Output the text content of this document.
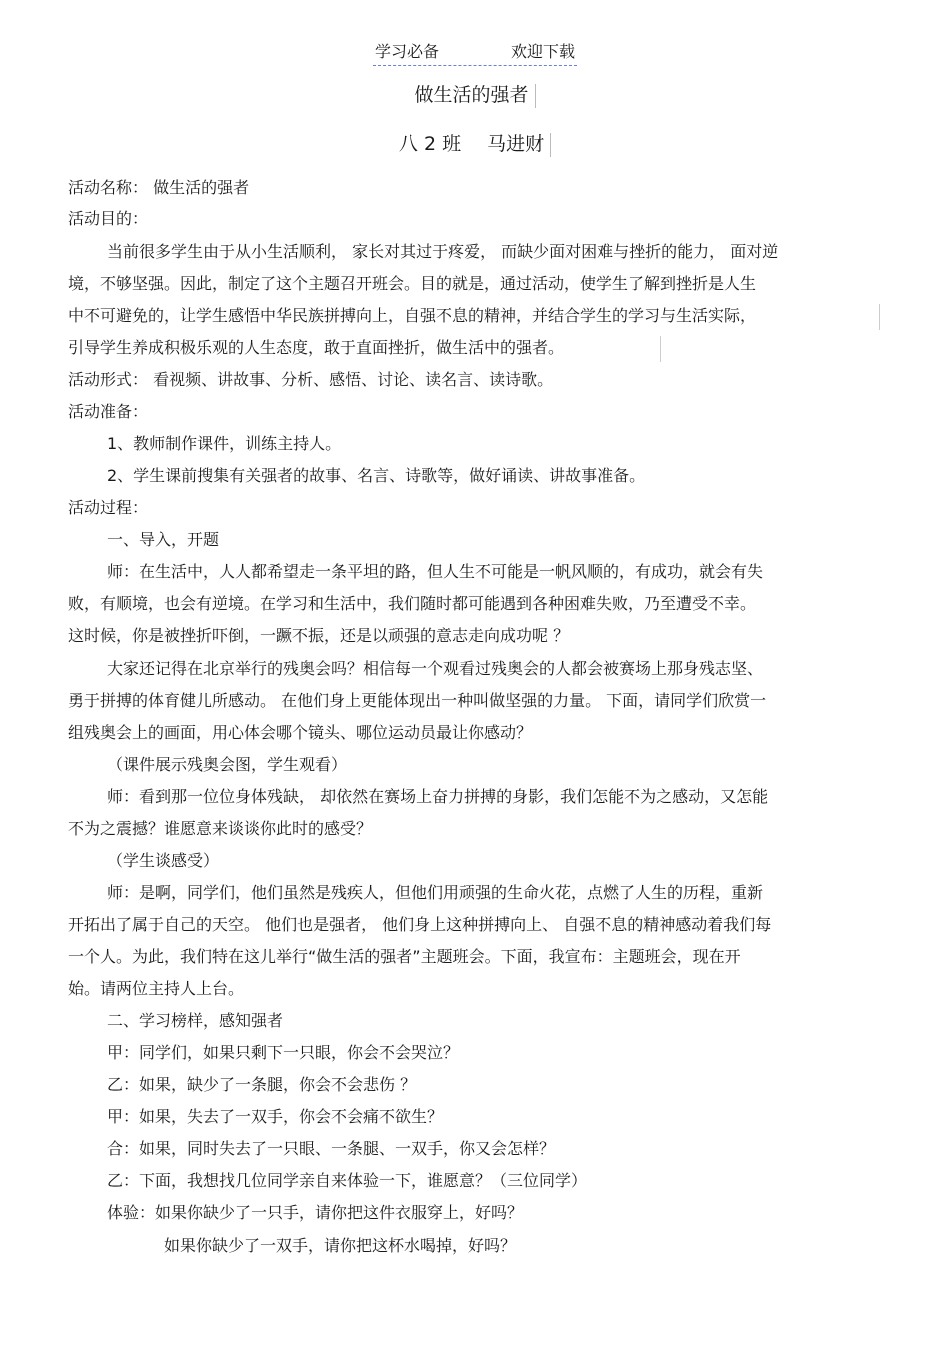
学习必备	欢迎下载
做生活的强者
八 2 班 马进财
活动名称： 做生活的强者
活动目的：
当前很多学生由于从小生活顺利， 家长对其过于疼爱， 而缺少面对困难与挫折的能力， 面对逆
境，不够坚强。因此，制定了这个主题召开班会。目的就是，通过活动，使学生了解到挫折是人生
中不可避免的，让学生感悟中华民族拼搏向上，自强不息的精神，并结合学生的学习与生活实际，
引导学生养成积极乐观的人生态度，敢于直面挫折，做生活中的强者。
活动形式： 看视频、讲故事、分析、感悟、讨论、读名言、读诗歌。
活动准备：
1、教师制作课件，训练主持人。
2、学生课前搜集有关强者的故事、名言、诗歌等，做好诵读、讲故事准备。
活动过程：
一、导入，开题
师：在生活中，人人都希望走一条平坦的路，但人生不可能是一帆风顺的，有成功，就会有失
败，有顺境，也会有逆境。在学习和生活中，我们随时都可能遇到各种困难失败，乃至遭受不幸。
这时候，你是被挫折吓倒，一蹶不振，还是以顽强的意志走向成功呢 ？
大家还记得在北京举行的残奥会吗？相信每一个观看过残奥会的人都会被赛场上那身残志坚、
勇于拼搏的体育健儿所感动。 在他们身上更能体现出一种叫做坚强的力量。 下面，请同学们欣赏一
组残奥会上的画面，用心体会哪个镜头、哪位运动员最让你感动？
（课件展示残奥会图，学生观看）
师：看到那一位位身体残缺， 却依然在赛场上奋力拼搏的身影，我们怎能不为之感动，又怎能
不为之震撼？谁愿意来谈谈你此时的感受？
（学生谈感受）
师：是啊，同学们，他们虽然是残疾人，但他们用顽强的生命火花，点燃了人生的历程，重新
开拓出了属于自己的天空。 他们也是强者， 他们身上这种拼搏向上、 自强不息的精神感动着我们每
一个人。为此，我们特在这儿举行“做生活的强者”主题班会。下面，我宣布：主题班会，现在开
始。请两位主持人上台。
二、学习榜样，感知强者
甲：同学们，如果只剩下一只眼，你会不会哭泣？
乙：如果，缺少了一条腿，你会不会悲伤 ？
甲：如果，失去了一双手，你会不会痛不欲生？
合：如果，同时失去了一只眼、一条腿、一双手，你又会怎样？
乙：下面，我想找几位同学亲自来体验一下，谁愿意？（三位同学）
体验：如果你缺少了一只手，请你把这件衣服穿上，好吗？
如果你缺少了一双手，请你把这杯水喝掉，好吗？
